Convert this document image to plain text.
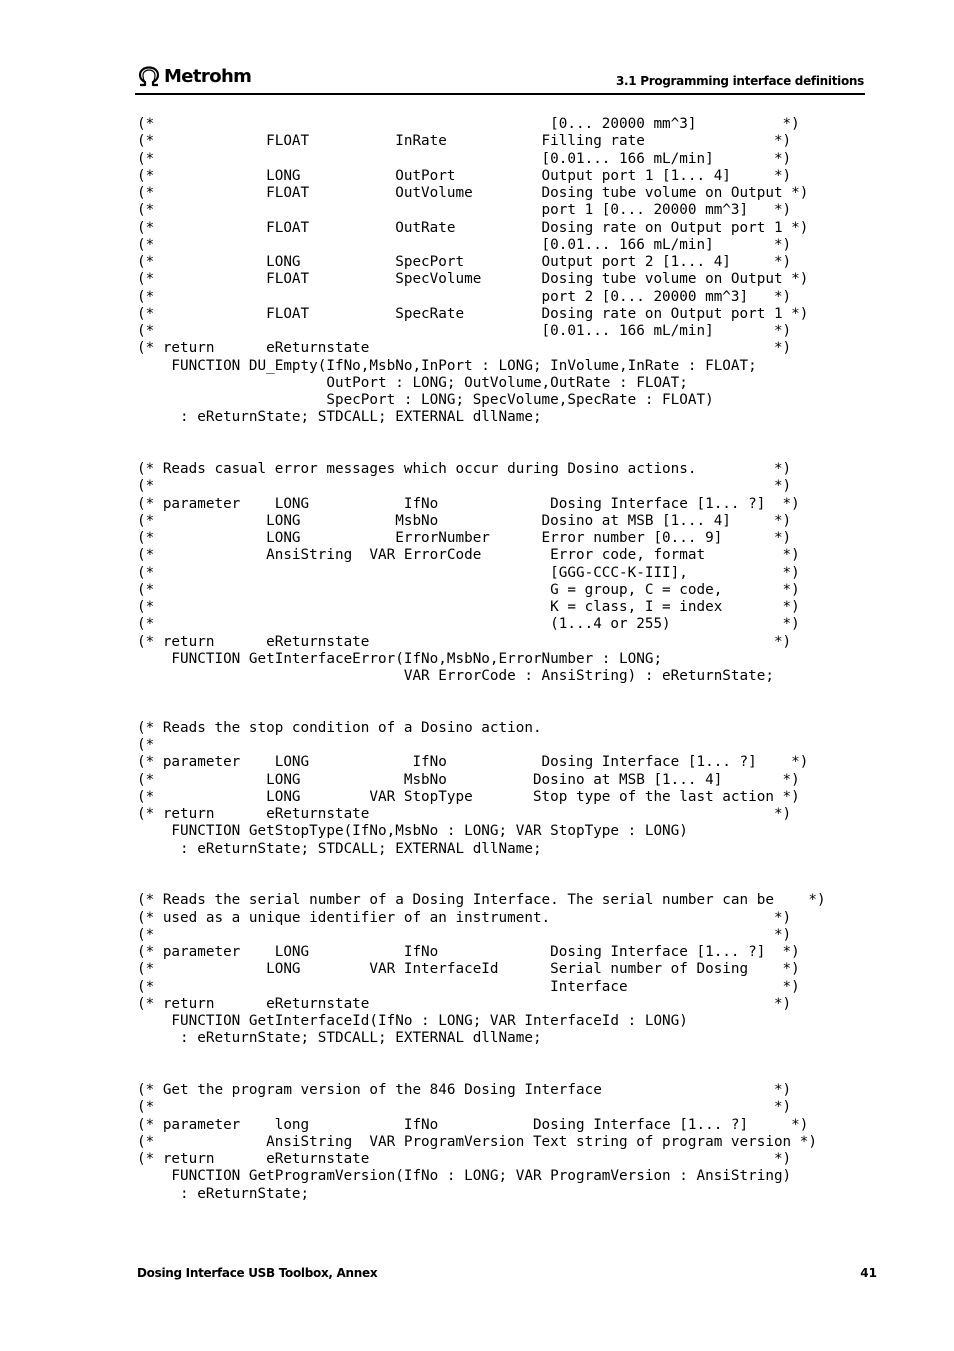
Metrohm	3.1 Programming interface definitions
(*                                              [0... 20000 mm^3]          *)
(*             FLOAT          InRate           Filling rate               *)
(*                                             [0.01... 166 mL/min]       *)
(*             LONG           OutPort          Output port 1 [1... 4]     *)
(*             FLOAT          OutVolume        Dosing tube volume on Output *)
(*                                             port 1 [0... 20000 mm^3]   *)
(*             FLOAT          OutRate          Dosing rate on Output port 1 *)
(*                                             [0.01... 166 mL/min]       *)
(*             LONG           SpecPort         Output port 2 [1... 4]     *)
(*             FLOAT          SpecVolume       Dosing tube volume on Output *)
(*                                             port 2 [0... 20000 mm^3]   *)
(*             FLOAT          SpecRate         Dosing rate on Output port 1 *)
(*                                             [0.01... 166 mL/min]       *)
(* return      eReturnstate                                               *)
FUNCTION DU_Empty(IfNo,MsbNo,InPort : LONG; InVolume,InRate : FLOAT;
OutPort : LONG; OutVolume,OutRate : FLOAT;
SpecPort : LONG; SpecVolume,SpecRate : FLOAT)
: eReturnState; STDCALL; EXTERNAL dllName;
(* Reads casual error messages which occur during Dosino actions.         *)
(*                                                                        *)
(* parameter    LONG           IfNo             Dosing Interface [1... ?]  *)
(*             LONG           MsbNo            Dosino at MSB [1... 4]     *)
(*             LONG           ErrorNumber      Error number [0... 9]      *)
(*             AnsiString  VAR ErrorCode        Error code, format         *)
(*                                              [GGG-CCC-K-III],           *)
(*                                              G = group, C = code,       *)
(*                                              K = class, I = index       *)
(*                                              (1...4 or 255)             *)
(* return      eReturnstate                                               *)
FUNCTION GetInterfaceError(IfNo,MsbNo,ErrorNumber : LONG;
VAR ErrorCode : AnsiString) : eReturnState;
(* Reads the stop condition of a Dosino action.
(*
(* parameter    LONG            IfNo           Dosing Interface [1... ?]    *)
(*             LONG            MsbNo          Dosino at MSB [1... 4]       *)
(*             LONG        VAR StopType       Stop type of the last action *)
(* return      eReturnstate                                               *)
FUNCTION GetStopType(IfNo,MsbNo : LONG; VAR StopType : LONG)
: eReturnState; STDCALL; EXTERNAL dllName;
(* Reads the serial number of a Dosing Interface. The serial number can be    *)
(* used as a unique identifier of an instrument.                          *)
(*                                                                        *)
(* parameter    LONG           IfNo             Dosing Interface [1... ?]  *)
(*             LONG        VAR InterfaceId      Serial number of Dosing    *)
(*                                              Interface                  *)
(* return      eReturnstate                                               *)
FUNCTION GetInterfaceId(IfNo : LONG; VAR InterfaceId : LONG)
: eReturnState; STDCALL; EXTERNAL dllName;
(* Get the program version of the 846 Dosing Interface                    *)
(*                                                                        *)
(* parameter    long           IfNo           Dosing Interface [1... ?]     *)
(*             AnsiString  VAR ProgramVersion Text string of program version *)
(* return      eReturnstate                                               *)
FUNCTION GetProgramVersion(IfNo : LONG; VAR ProgramVersion : AnsiString)
: eReturnState;
Dosing Interface USB Toolbox, Annex	41
